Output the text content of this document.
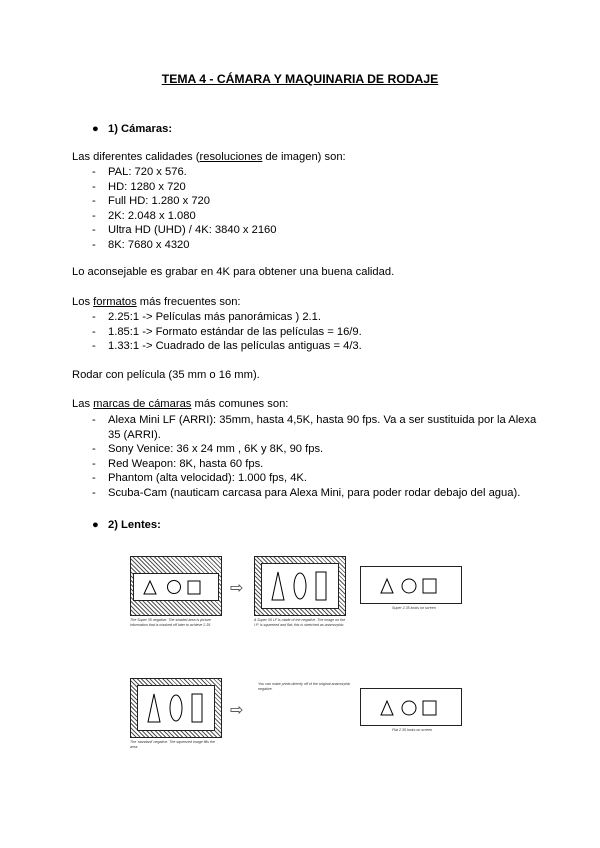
TEMA 4 - CÁMARA Y MAQUINARIA DE RODAJE
● 1) Cámaras:
Las diferentes calidades (resoluciones de imagen) son:
- PAL: 720 x 576.
- HD: 1280 x 720
- Full HD: 1.280 x 720
- 2K: 2.048 x 1.080
- Ultra HD (UHD) / 4K: 3840 x 2160
- 8K: 7680 x 4320
Lo aconsejable es grabar en 4K para obtener una buena calidad.
Los formatos más frecuentes son:
- 2.25:1 -> Películas más panorámicas ) 2.1.
- 1.85:1 -> Formato estándar de las películas = 16/9.
- 1.33:1 -> Cuadrado de las películas antiguas = 4/3.
Rodar con película (35 mm o 16 mm).
Las marcas de cámaras más comunes son:
- Alexa Mini LF (ARRI): 35mm, hasta 4,5K, hasta 90 fps. Va a ser sustituida por la Alexa 35 (ARRI).
- Sony Venice: 36 x 24 mm , 6K y 8K, 90 fps.
- Red Weapon: 8K, hasta 60 fps.
- Phantom (alta velocidad): 1.000 fps, 4K.
- Scuba-Cam (nauticam carcasa para Alexa Mini, para poder rodar debajo del agua).
● 2) Lentes:
The Super 35 negative. The shaded area is picture information that is masked off later to achieve 2.35.
⇨
A Super 35 LF is made of the negative. The image on the I.P. is squeezed and flat; this is stretched as anamorphic.
Super 2.35 looks on screen
The 'standard' negative. The squeezed image fills the area.
⇨
You can make prints directly off of the original anamorphic negative.
Flat 2.35 looks on screen
